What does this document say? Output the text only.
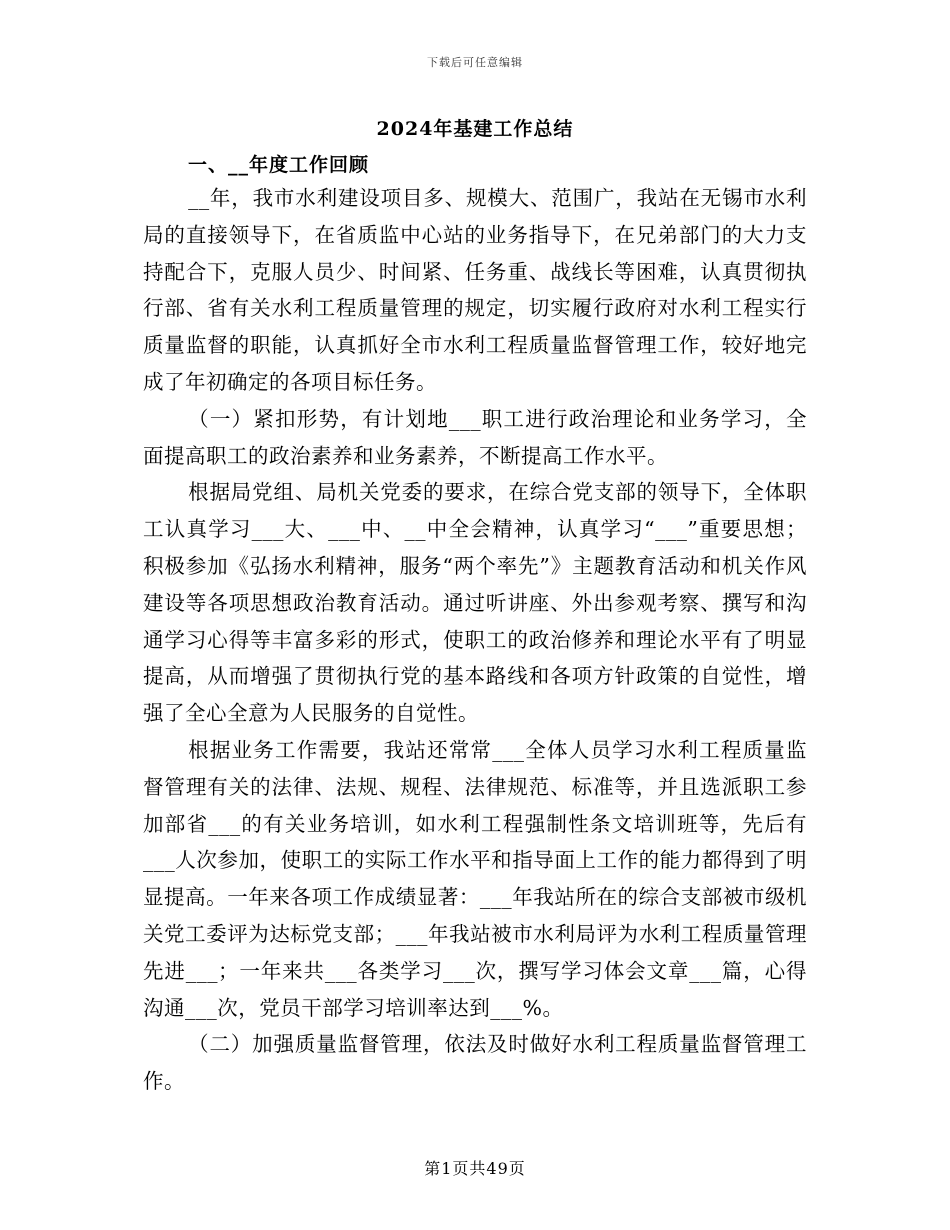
下载后可任意编辑
2024年基建工作总结
一、__年度工作回顾

__年，我市水利建设项目多、规模大、范围广，我站在无锡市水利局的直接领导下，在省质监中心站的业务指导下，在兄弟部门的大力支持配合下，克服人员少、时间紧、任务重、战线长等困难，认真贯彻执行部、省有关水利工程质量管理的规定，切实履行政府对水利工程实行质量监督的职能，认真抓好全市水利工程质量监督管理工作，较好地完成了年初确定的各项目标任务。

（一）紧扣形势，有计划地___职工进行政治理论和业务学习，全面提高职工的政治素养和业务素养，不断提高工作水平。

根据局党组、局机关党委的要求，在综合党支部的领导下，全体职工认真学习___大、___中、__中全会精神，认真学习“___”重要思想；积极参加《弘扬水利精神，服务“两个率先”》主题教育活动和机关作风建设等各项思想政治教育活动。通过听讲座、外出参观考察、撰写和沟通学习心得等丰富多彩的形式，使职工的政治修养和理论水平有了明显提高，从而增强了贯彻执行党的基本路线和各项方针政策的自觉性，增强了全心全意为人民服务的自觉性。

根据业务工作需要，我站还常常___全体人员学习水利工程质量监督管理有关的法律、法规、规程、法律规范、标准等，并且选派职工参加部省___的有关业务培训，如水利工程强制性条文培训班等，先后有___人次参加，使职工的实际工作水平和指导面上工作的能力都得到了明显提高。一年来各项工作成绩显著：___年我站所在的综合支部被市级机关党工委评为达标党支部；___年我站被市水利局评为水利工程质量管理先进___；一年来共___各类学习___次，撰写学习体会文章___篇，心得沟通___次，党员干部学习培训率达到___%。

（二）加强质量监督管理，依法及时做好水利工程质量监督管理工作。

第1页共49页
